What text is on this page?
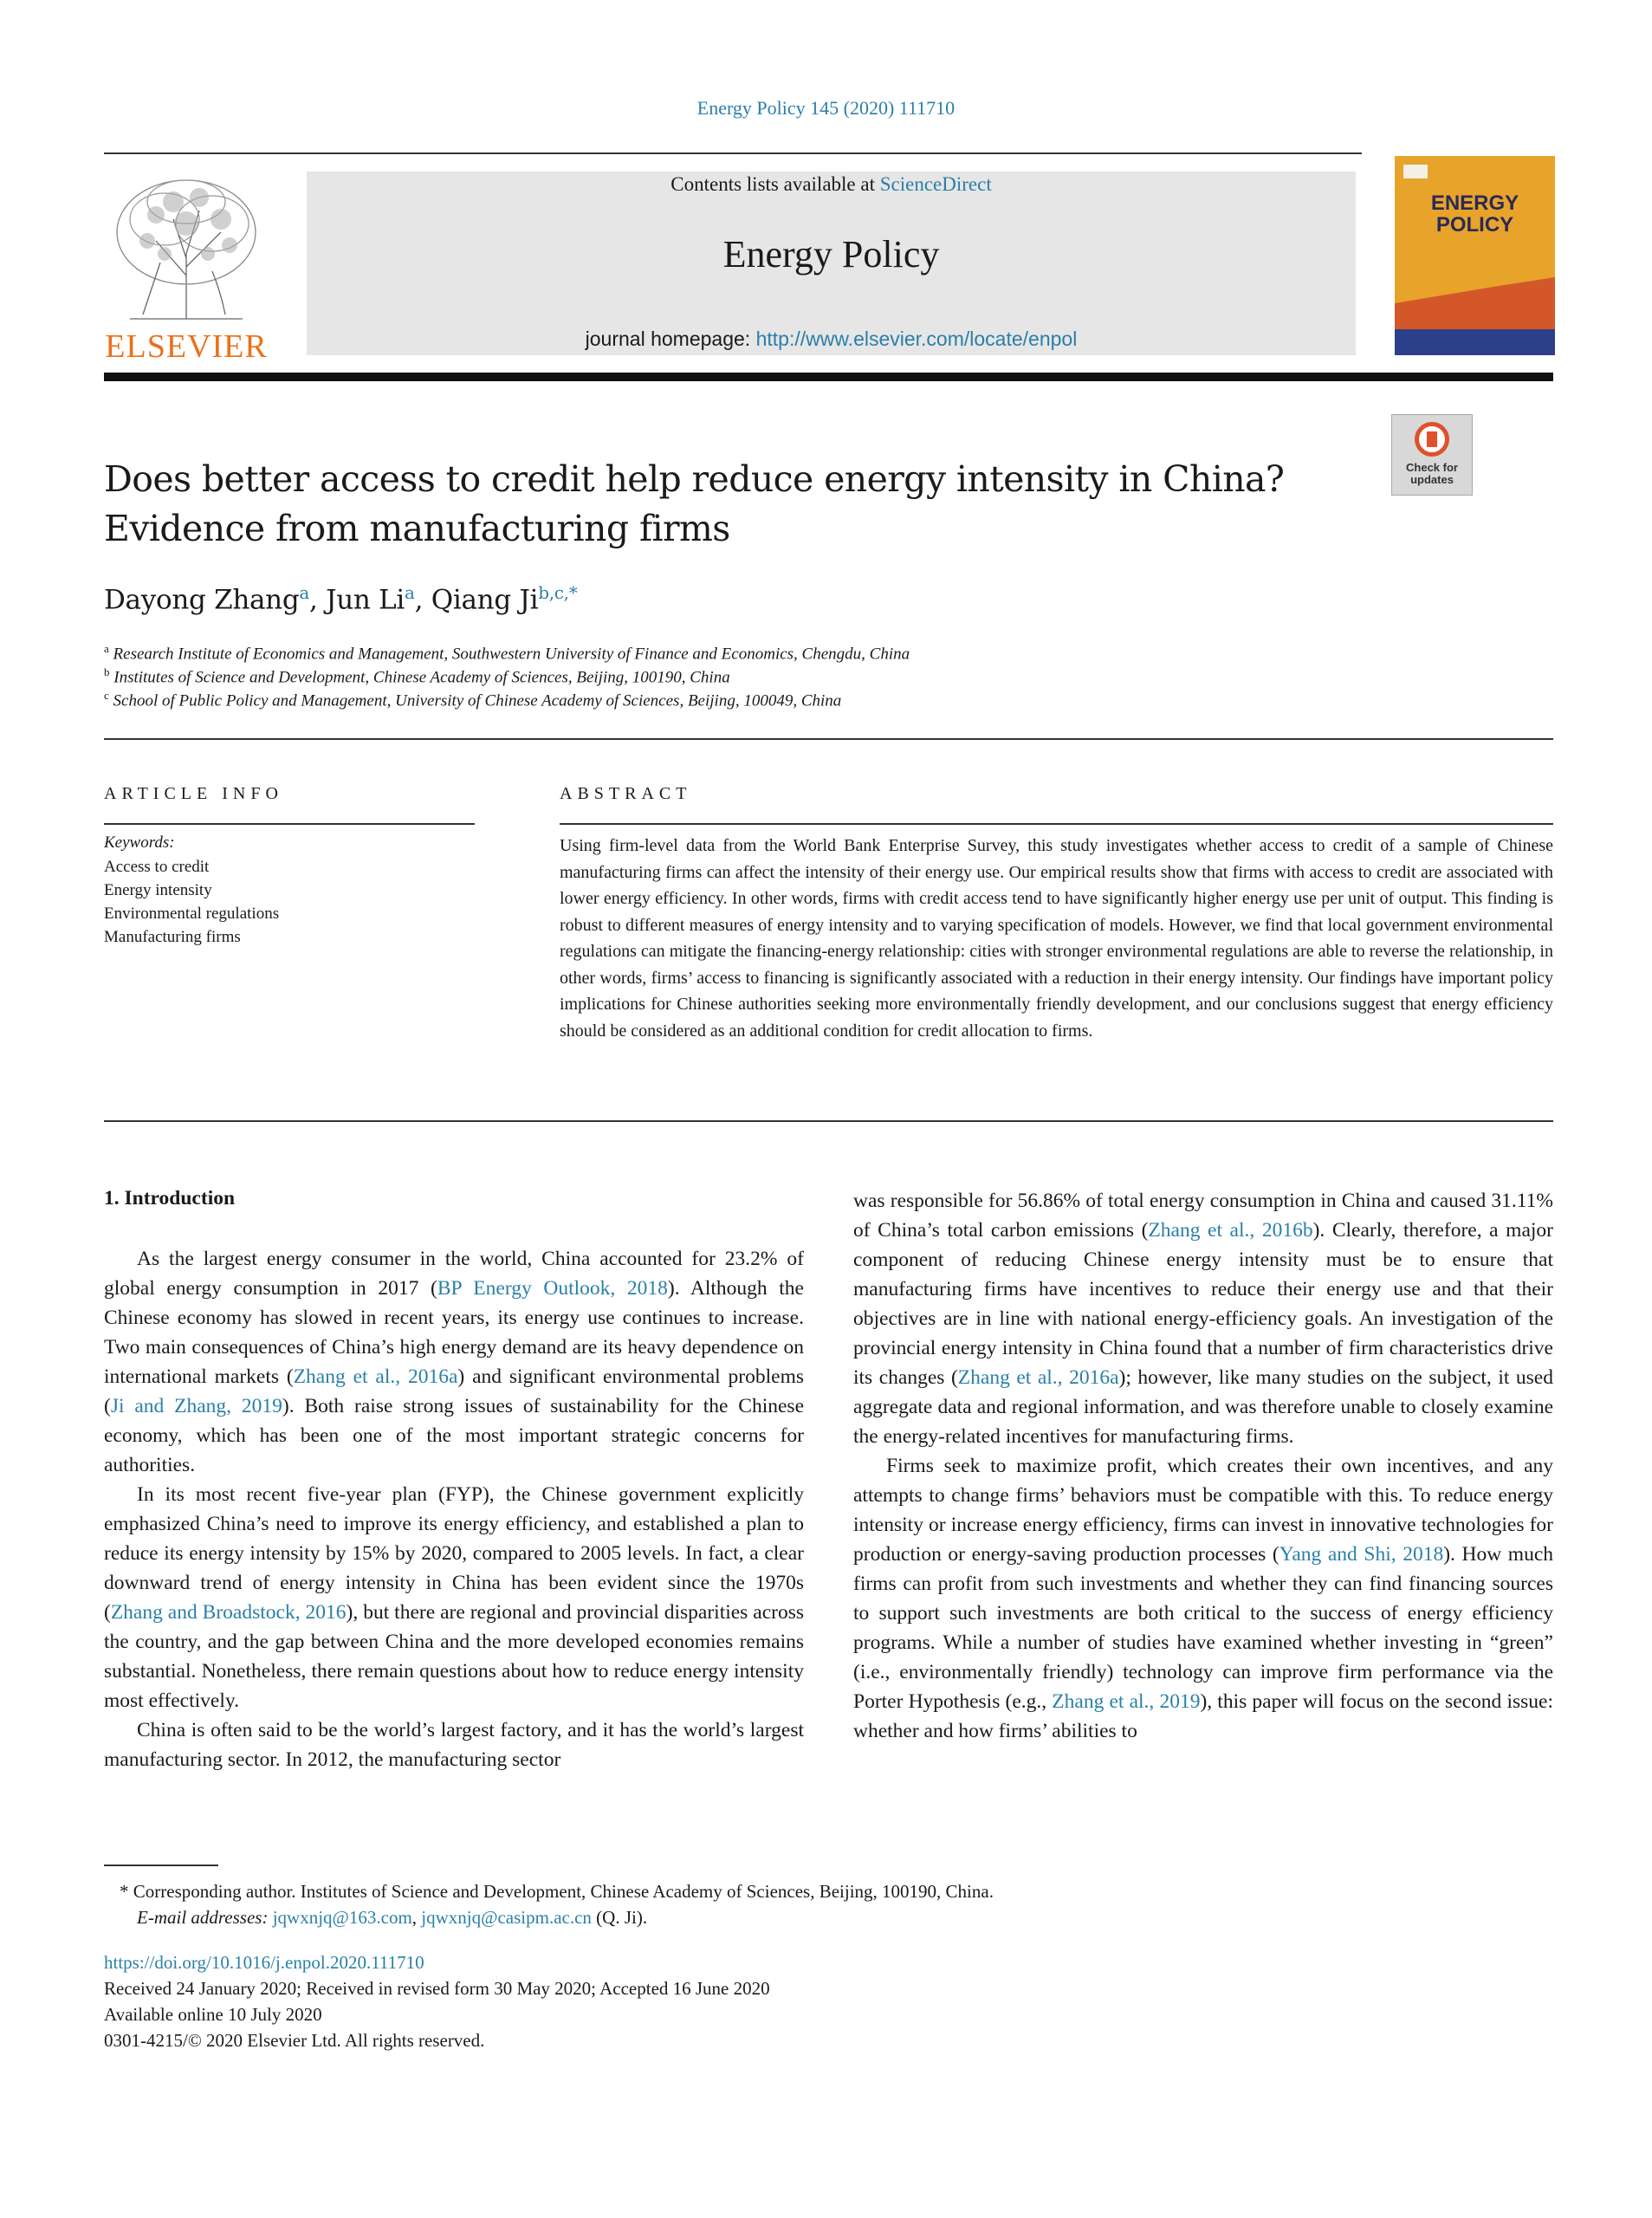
Energy Policy 145 (2020) 111710
ELSEVIER
Contents lists available at ScienceDirect
Energy Policy
journal homepage: http://www.elsevier.com/locate/enpol
ENERGY
POLICY
Check for updates
Does better access to credit help reduce energy intensity in China? Evidence from manufacturing firms
Dayong Zhang$^a$, Jun Li$^a$, Qiang $Ji^{b,c,*}$
$^a$ Research Institute of Economics and Management, Southwestern University of Finance and Economics, Chengdu, China
$^b$ Institutes of Science and Development, Chinese Academy of Sciences, Beijing, 100190, China
$^c$ School of Public Policy and Management, University of Chinese Academy of Sciences, Beijing, 100049, China
ARTICLE INFO
Keywords:
Access to credit
Energy intensity
Environmental regulations
Manufacturing firms
ABSTRACT
Using firm-level data from the World Bank Enterprise Survey, this study investigates whether access to credit of a sample of Chinese manufacturing firms can affect the intensity of their energy use. Our empirical results show that firms with access to credit are associated with lower energy efficiency. In other words, firms with credit access tend to have significantly higher energy use per unit of output. This finding is robust to different measures of energy intensity and to varying specification of models. However, we find that local government environmental regulations can mitigate the financing-energy relationship: cities with stronger environmental regulations are able to reverse the relationship, in other words, firms’ access to financing is significantly associated with a reduction in their energy intensity. Our findings have important policy implications for Chinese authorities seeking more environmentally friendly development, and our conclusions suggest that energy efficiency should be considered as an additional condition for credit allocation to firms.
1. Introduction

As the largest energy consumer in the world, China accounted for 23.2% of global energy consumption in 2017 (BP Energy Outlook, 2018). Although the Chinese economy has slowed in recent years, its energy use continues to increase. Two main consequences of China’s high energy demand are its heavy dependence on international markets (Zhang et al., 2016a) and significant environmental problems (Ji and Zhang, 2019). Both raise strong issues of sustainability for the Chinese economy, which has been one of the most important strategic concerns for authorities.

In its most recent five-year plan (FYP), the Chinese government explicitly emphasized China’s need to improve its energy efficiency, and established a plan to reduce its energy intensity by 15% by 2020, compared to 2005 levels. In fact, a clear downward trend of energy intensity in China has been evident since the 1970s (Zhang and Broadstock, 2016), but there are regional and provincial disparities across the country, and the gap between China and the more developed economies remains substantial. Nonetheless, there remain questions about how to reduce energy intensity most effectively.

China is often said to be the world’s largest factory, and it has the world’s largest manufacturing sector. In 2012, the manufacturing sector

was responsible for 56.86% of total energy consumption in China and caused 31.11% of China’s total carbon emissions (Zhang et al., 2016b). Clearly, therefore, a major component of reducing Chinese energy intensity must be to ensure that manufacturing firms have incentives to reduce their energy use and that their objectives are in line with national energy-efficiency goals. An investigation of the provincial energy intensity in China found that a number of firm characteristics drive its changes (Zhang et al., 2016a); however, like many studies on the subject, it used aggregate data and regional information, and was therefore unable to closely examine the energy-related incentives for manufacturing firms.

Firms seek to maximize profit, which creates their own incentives, and any attempts to change firms’ behaviors must be compatible with this. To reduce energy intensity or increase energy efficiency, firms can invest in innovative technologies for production or energy-saving production processes (Yang and Shi, 2018). How much firms can profit from such investments and whether they can find financing sources to support such investments are both critical to the success of energy efficiency programs. While a number of studies have examined whether investing in “green” (i.e., environmentally friendly) technology can improve firm performance via the Porter Hypothesis (e.g., Zhang et al., 2019), this paper will focus on the second issue: whether and how firms’ abilities to

* Corresponding author. Institutes of Science and Development, Chinese Academy of Sciences, Beijing, 100190, China.
E-mail addresses: jqwxnjq@163.com, jqwxnjq@casipm.ac.cn (Q. Ji).
https://doi.org/10.1016/j.enpol.2020.111710
Received 24 January 2020; Received in revised form 30 May 2020; Accepted 16 June 2020
Available online 10 July 2020
0301-4215/© 2020 Elsevier Ltd. All rights reserved.
